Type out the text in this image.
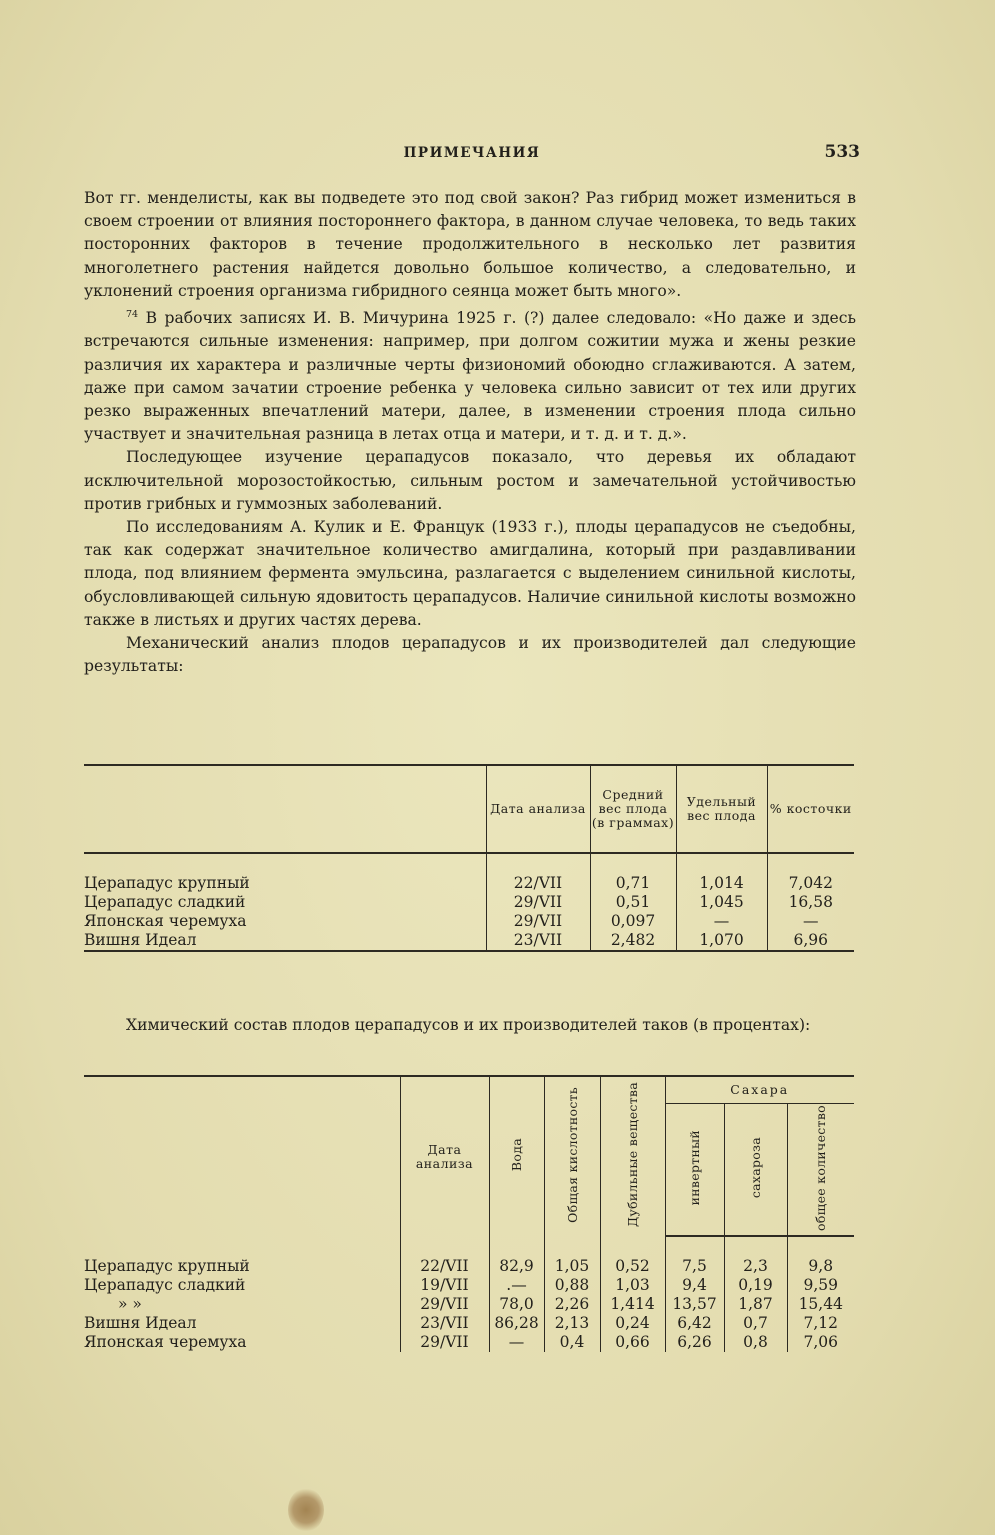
ПРИМЕЧАНИЯ	533

Вот гг. менделисты, как вы подведете это под свой закон? Раз гибрид может измениться в своем строении от влияния постороннего фактора, в данном случае человека, то ведь таких посторонних факторов в течение продолжительного в несколько лет развития многолетнего растения найдется довольно большое количество, а следовательно, и уклонений строения организма гибридного сеянца может быть много».

$^{74}$ В рабочих записях И. В. Мичурина 1925 г. (?) далее следовало: «Но даже и здесь встречаются сильные изменения: например, при долгом сожитии мужа и жены резкие различия их характера и различные черты физиономий обоюдно сглаживаются. А затем, даже при самом зачатии строение ребенка у человека сильно зависит от тех или других резко выраженных впечатлений матери, далее, в изменении строения плода сильно участвует и значительная разница в летах отца и матери, и т. д. и т. д.».

Последующее изучение церападусов показало, что деревья их обладают исключительной морозостойкостью, сильным ростом и замечательной устойчивостью против грибных и гуммозных заболеваний.

По исследованиям А. Кулик и Е. Францук (1933 г.), плоды церападусов не съедобны, так как содержат значительное количество амигдалина, который при раздавливании плода, под влиянием фермента эмульсина, разлагается с выделением синильной кислоты, обусловливающей сильную ядовитость церападусов. Наличие синильной кислоты возможно также в листьях и других частях дерева.

Механический анализ плодов церападусов и их производителей дал следующие результаты:

	Дата анализа	Средний вес плода (в граммах)	Удельный вес плода	% косточки

Церападус крупный	22/VII	0,71	1,014	7,042
Церападус сладкий	29/VII	0,51	1,045	16,58
Японская черемуха	29/VII	0,097	—	—
Вишня Идеал	23/VII	2,482	1,070	6,96

Химический состав плодов церападусов и их производителей таков (в процентах):

	Дата анализа	Вода	Общая кислотность	Дубильные вещества	Сахара		
					инвертный	сахароза	общее количество

Церападус крупный	22/VII	82,9	1,05	0,52	7,5	2,3	9,8
Церападус сладкий	19/VII	.—	0,88	1,03	9,4	0,19	9,59
» »	29/VII	78,0	2,26	1,414	13,57	1,87	15,44
Вишня Идеал	23/VII	86,28	2,13	0,24	6,42	0,7	7,12
Японская черемуха	29/VII	—	0,4	0,66	6,26	0,8	7,06
